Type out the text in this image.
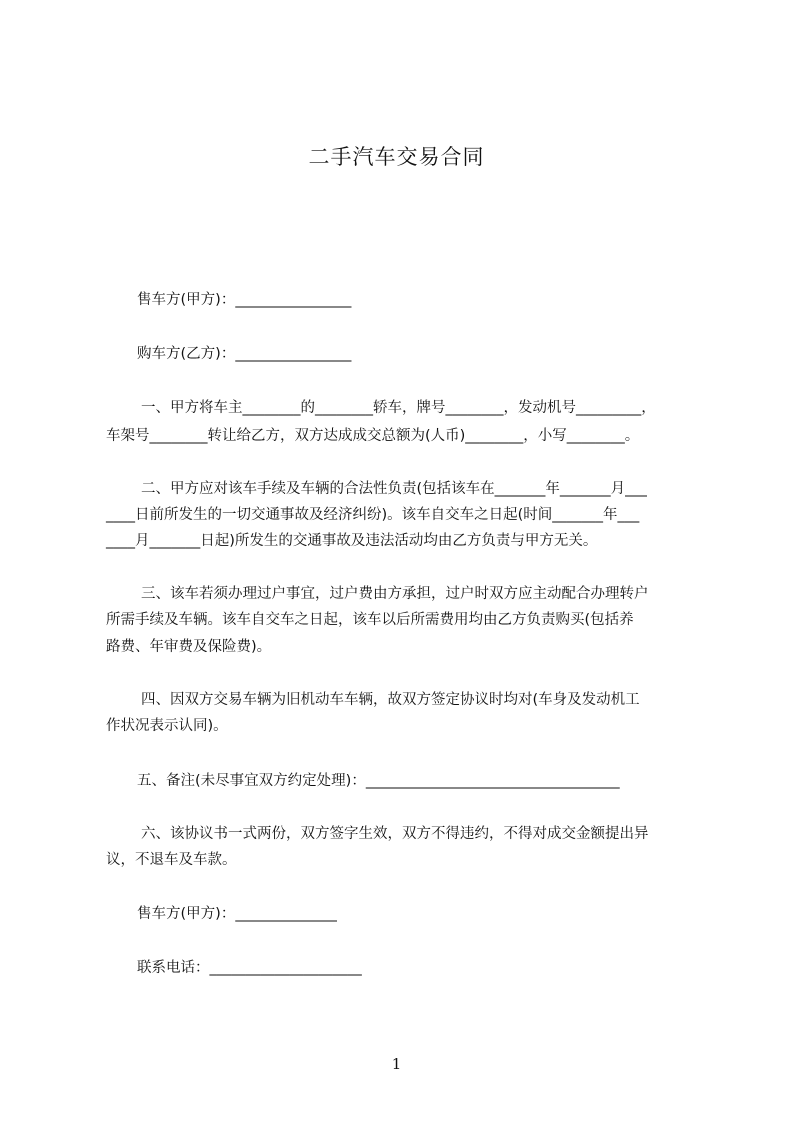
二手汽车交易合同
售车方(甲方)：________________
购车方(乙方)：________________
一、甲方将车主________的________轿车，牌号________，发动机号_________，
车架号________转让给乙方，双方达成成交总额为(人币)________，小写________。
二、甲方应对该车手续及车辆的合法性负责(包括该车在_______年_______月___
____日前所发生的一切交通事故及经济纠纷)。该车自交车之日起(时间_______年___
____月_______日起)所发生的交通事故及违法活动均由乙方负责与甲方无关。
三、该车若须办理过户事宜，过户费由方承担，过户时双方应主动配合办理转户
所需手续及车辆。该车自交车之日起，该车以后所需费用均由乙方负责购买(包括养
路费、年审费及保险费)。
四、因双方交易车辆为旧机动车车辆，故双方签定协议时均对(车身及发动机工
作状况表示认同)。
五、备注(未尽事宜双方约定处理)：___________________________________
六、该协议书一式两份，双方签字生效，双方不得违约，不得对成交金额提出异
议，不退车及车款。
售车方(甲方)：______________
联系电话：_____________________
1
